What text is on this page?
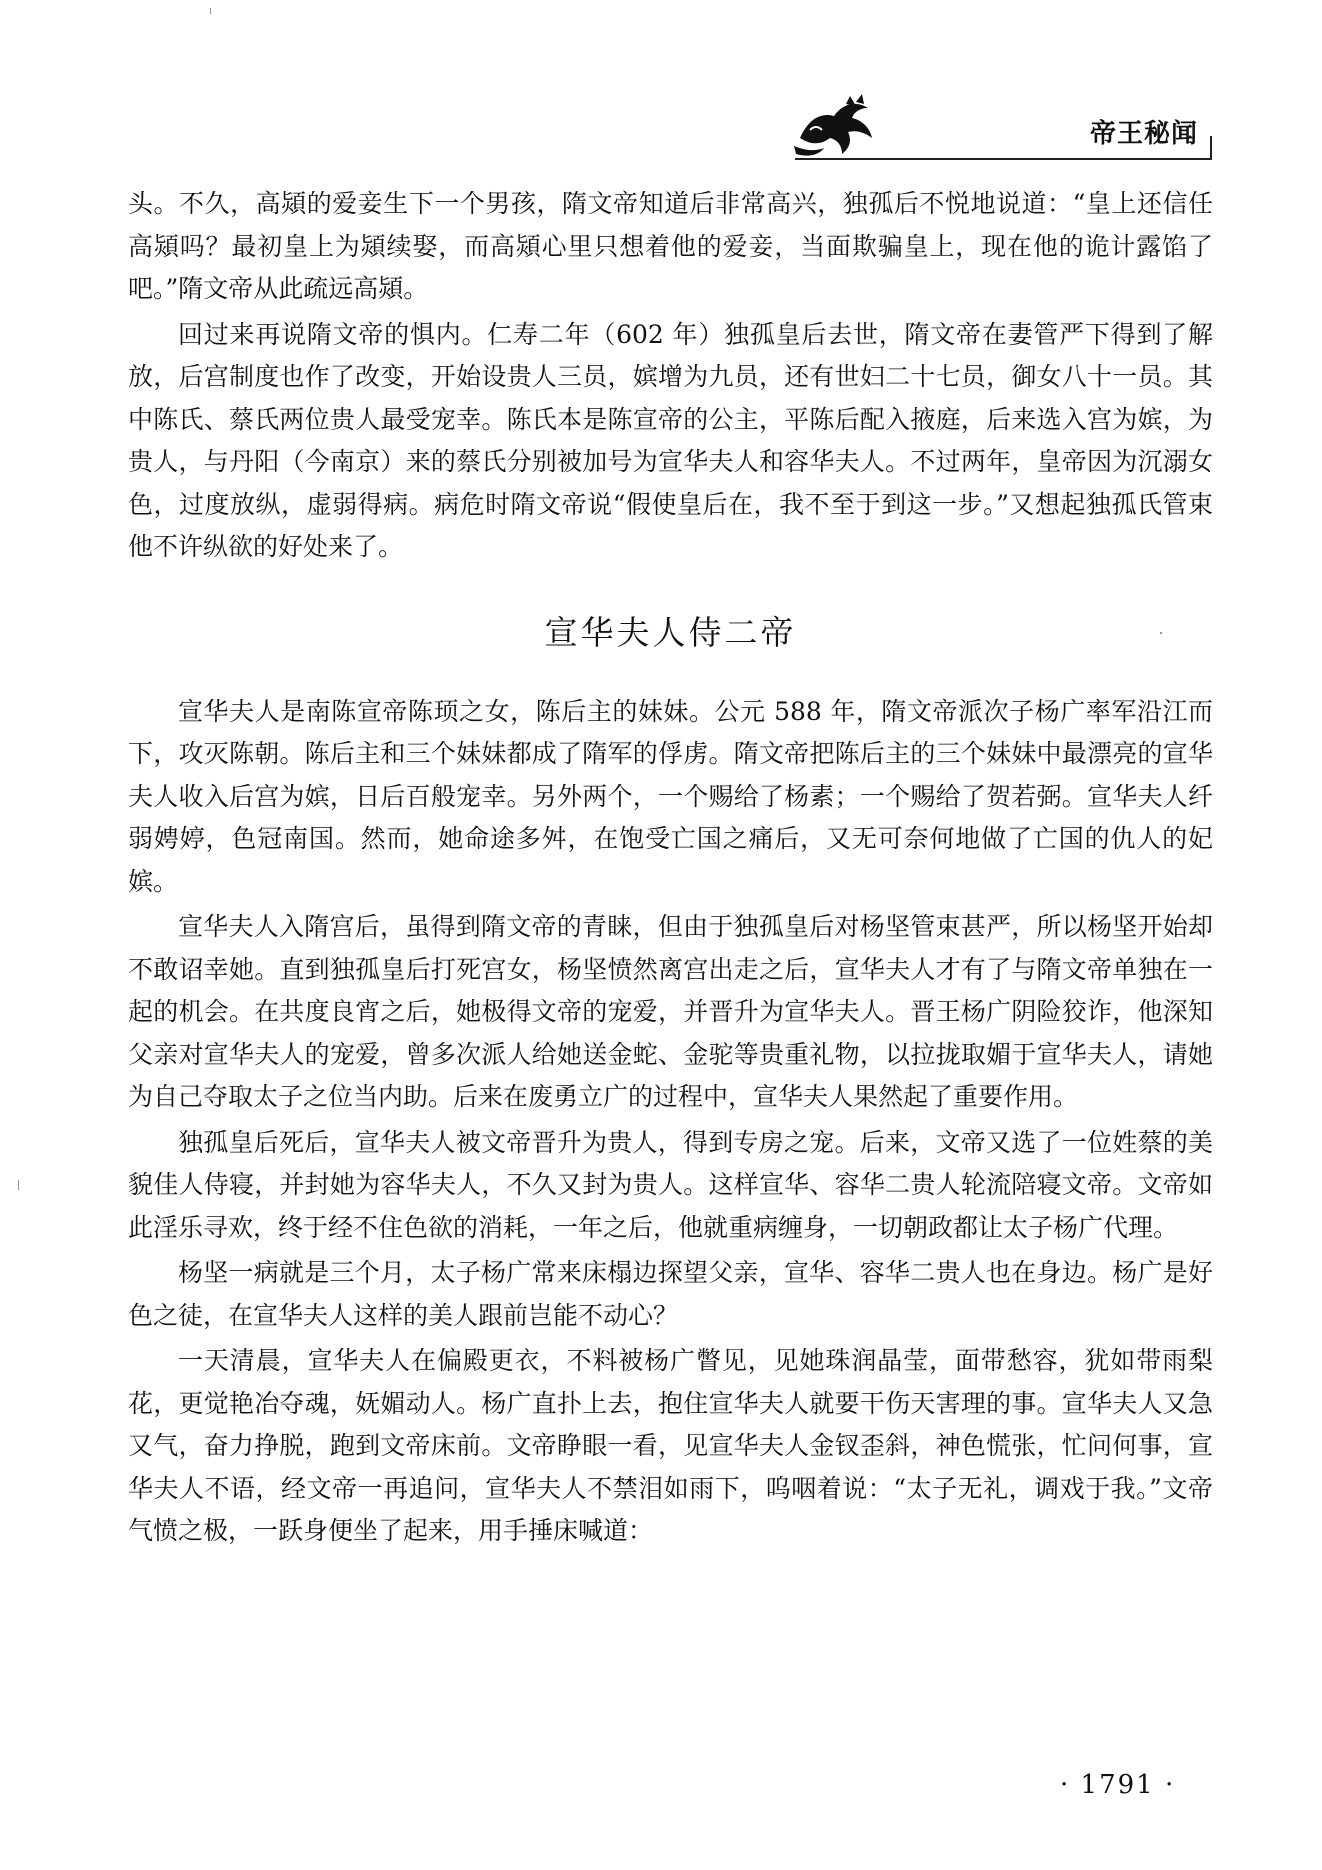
帝王秘闻

头。不久，高熲的爱妾生下一个男孩，隋文帝知道后非常高兴，独孤后不悦地说道：“皇上还信任高熲吗？最初皇上为熲续娶，而高熲心里只想着他的爱妾，当面欺骗皇上，现在他的诡计露馅了吧。”隋文帝从此疏远高熲。

回过来再说隋文帝的惧内。仁寿二年（602 年）独孤皇后去世，隋文帝在妻管严下得到了解放，后宫制度也作了改变，开始设贵人三员，嫔增为九员，还有世妇二十七员，御女八十一员。其中陈氏、蔡氏两位贵人最受宠幸。陈氏本是陈宣帝的公主，平陈后配入掖庭，后来选入宫为嫔，为贵人，与丹阳（今南京）来的蔡氏分别被加号为宣华夫人和容华夫人。不过两年，皇帝因为沉溺女色，过度放纵，虚弱得病。病危时隋文帝说“假使皇后在，我不至于到这一步。”又想起独孤氏管束他不许纵欲的好处来了。

宣华夫人侍二帝

宣华夫人是南陈宣帝陈顼之女，陈后主的妹妹。公元 588 年，隋文帝派次子杨广率军沿江而下，攻灭陈朝。陈后主和三个妹妹都成了隋军的俘虏。隋文帝把陈后主的三个妹妹中最漂亮的宣华夫人收入后宫为嫔，日后百般宠幸。另外两个，一个赐给了杨素；一个赐给了贺若弼。宣华夫人纤弱娉婷，色冠南国。然而，她命途多舛，在饱受亡国之痛后，又无可奈何地做了亡国的仇人的妃嫔。

宣华夫人入隋宫后，虽得到隋文帝的青睐，但由于独孤皇后对杨坚管束甚严，所以杨坚开始却不敢诏幸她。直到独孤皇后打死宫女，杨坚愤然离宫出走之后，宣华夫人才有了与隋文帝单独在一起的机会。在共度良宵之后，她极得文帝的宠爱，并晋升为宣华夫人。晋王杨广阴险狡诈，他深知父亲对宣华夫人的宠爱，曾多次派人给她送金蛇、金驼等贵重礼物，以拉拢取媚于宣华夫人，请她为自己夺取太子之位当内助。后来在废勇立广的过程中，宣华夫人果然起了重要作用。

独孤皇后死后，宣华夫人被文帝晋升为贵人，得到专房之宠。后来，文帝又选了一位姓蔡的美貌佳人侍寝，并封她为容华夫人，不久又封为贵人。这样宣华、容华二贵人轮流陪寝文帝。文帝如此淫乐寻欢，终于经不住色欲的消耗，一年之后，他就重病缠身，一切朝政都让太子杨广代理。

杨坚一病就是三个月，太子杨广常来床榻边探望父亲，宣华、容华二贵人也在身边。杨广是好色之徒，在宣华夫人这样的美人跟前岂能不动心？

一天清晨，宣华夫人在偏殿更衣，不料被杨广瞥见，见她珠润晶莹，面带愁容，犹如带雨梨花，更觉艳冶夺魂，妩媚动人。杨广直扑上去，抱住宣华夫人就要干伤天害理的事。宣华夫人又急又气，奋力挣脱，跑到文帝床前。文帝睁眼一看，见宣华夫人金钗歪斜，神色慌张，忙问何事，宣华夫人不语，经文帝一再追问，宣华夫人不禁泪如雨下，呜咽着说：“太子无礼，调戏于我。”文帝气愤之极，一跃身便坐了起来，用手捶床喊道：

· 1791 ·
